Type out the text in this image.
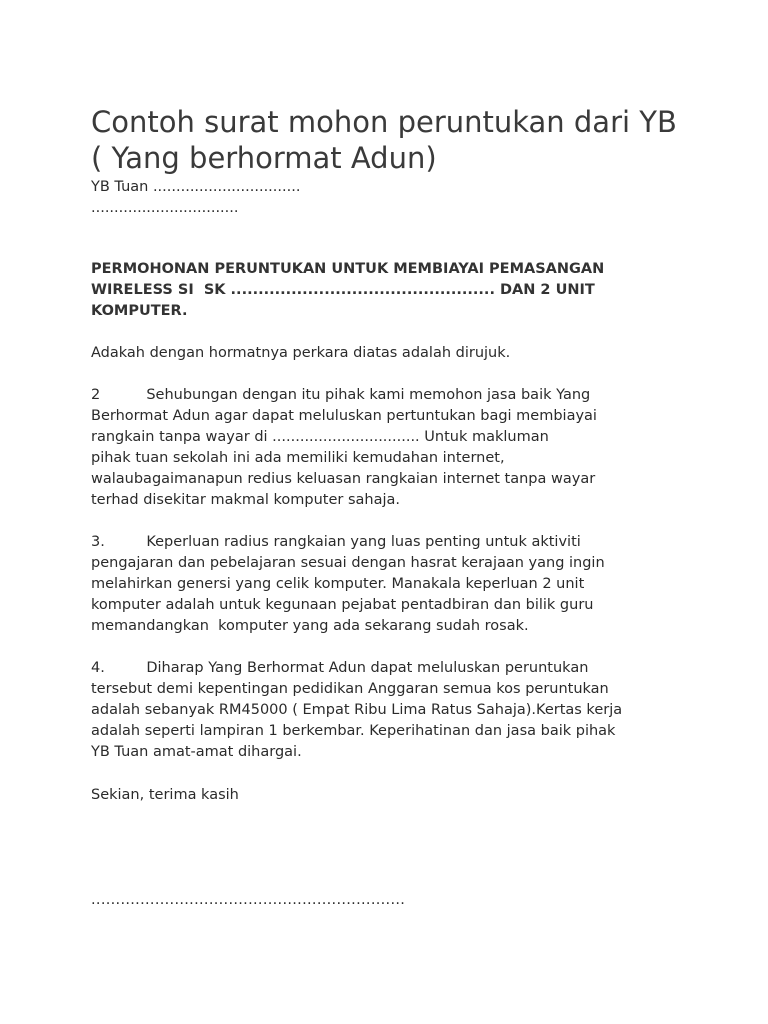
Contoh surat mohon peruntukan dari YB ( Yang berhormat Adun)
YB Tuan ................................
................................
PERMOHONAN PERUNTUKAN UNTUK MEMBIAYAI PEMASANGAN
WIRELESS SI  SK ................................................ DAN 2 UNIT
KOMPUTER.
Adakah dengan hormatnya perkara diatas adalah dirujuk.
2          Sehubungan dengan itu pihak kami memohon jasa baik Yang
Berhormat Adun agar dapat meluluskan pertuntukan bagi membiayai
rangkain tanpa wayar di ................................ Untuk makluman
pihak tuan sekolah ini ada memiliki kemudahan internet,
walaubagaimanapun redius keluasan rangkaian internet tanpa wayar
terhad disekitar makmal komputer sahaja.
3.         Keperluan radius rangkaian yang luas penting untuk aktiviti
pengajaran dan pebelajaran sesuai dengan hasrat kerajaan yang ingin
melahirkan genersi yang celik komputer. Manakala keperluan 2 unit
komputer adalah untuk kegunaan pejabat pentadbiran dan bilik guru
memandangkan  komputer yang ada sekarang sudah rosak.
4.         Diharap Yang Berhormat Adun dapat meluluskan peruntukan
tersebut demi kepentingan pedidikan Anggaran semua kos peruntukan
adalah sebanyak RM45000 ( Empat Ribu Lima Ratus Sahaja).Kertas kerja
adalah seperti lampiran 1 berkembar. Keperihatinan dan jasa baik pihak
YB Tuan amat-amat dihargai.
Sekian, terima kasih
................................................................
